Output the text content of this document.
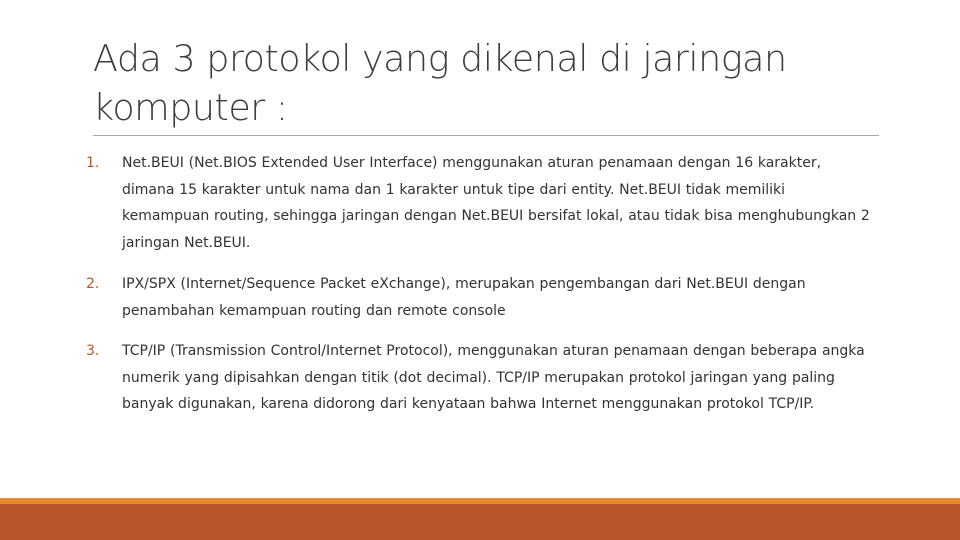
Ada 3 protokol yang dikenal di jaringan komputer :
1. Net.BEUI (Net.BIOS Extended User Interface) menggunakan aturan penamaan dengan 16 karakter, dimana 15 karakter untuk nama dan 1 karakter untuk tipe dari entity. Net.BEUI tidak memiliki kemampuan routing, sehingga jaringan dengan Net.BEUI bersifat lokal, atau tidak bisa menghubungkan 2 jaringan Net.BEUI.
2. IPX/SPX (Internet/Sequence Packet eXchange), merupakan pengembangan dari Net.BEUI dengan penambahan kemampuan routing dan remote console
3. TCP/IP (Transmission Control/Internet Protocol), menggunakan aturan penamaan dengan beberapa angka numerik yang dipisahkan dengan titik (dot decimal). TCP/IP merupakan protokol jaringan yang paling banyak digunakan, karena didorong dari kenyataan bahwa Internet menggunakan protokol TCP/IP.
